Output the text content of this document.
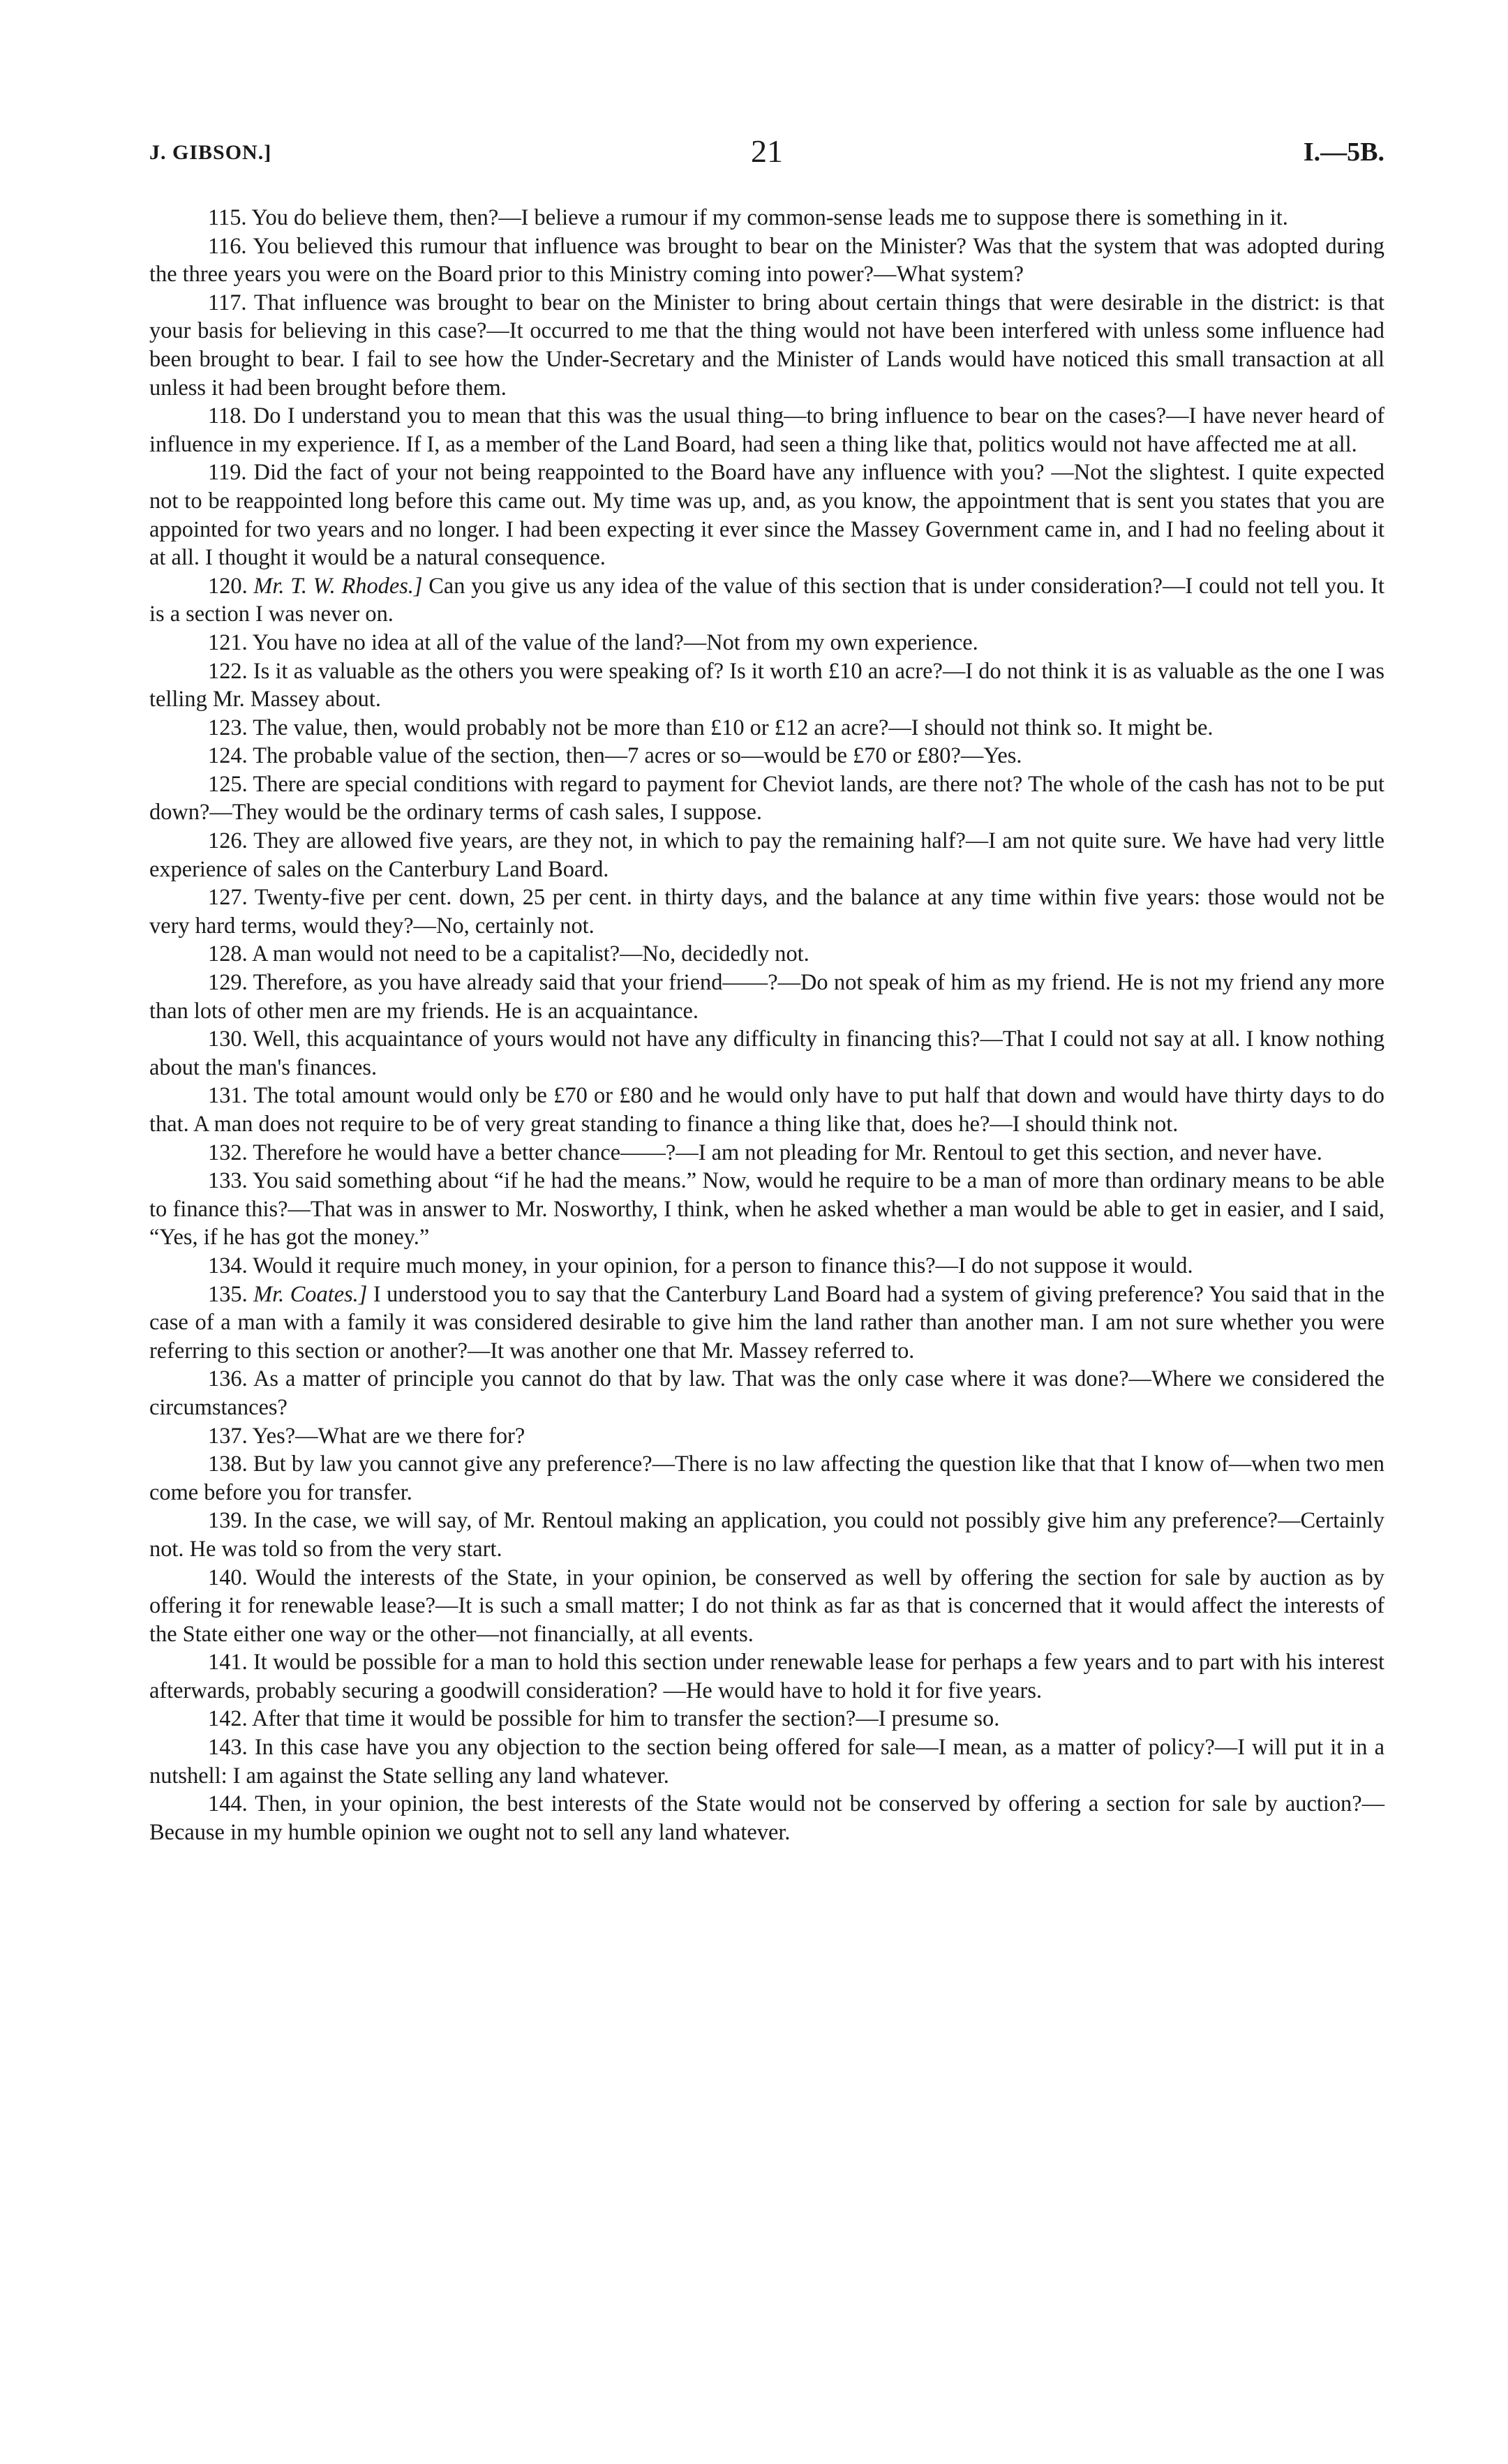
J. GIBSON.]	21	I.—5B.

115. You do believe them, then?—I believe a rumour if my common-sense leads me to suppose there is something in it.

116. You believed this rumour that influence was brought to bear on the Minister? Was that the system that was adopted during the three years you were on the Board prior to this Ministry coming into power?—What system?

117. That influence was brought to bear on the Minister to bring about certain things that were desirable in the district: is that your basis for believing in this case?—It occurred to me that the thing would not have been interfered with unless some influence had been brought to bear. I fail to see how the Under-Secretary and the Minister of Lands would have noticed this small transaction at all unless it had been brought before them.

118. Do I understand you to mean that this was the usual thing—to bring influence to bear on the cases?—I have never heard of influence in my experience. If I, as a member of the Land Board, had seen a thing like that, politics would not have affected me at all.

119. Did the fact of your not being reappointed to the Board have any influence with you? —Not the slightest. I quite expected not to be reappointed long before this came out. My time was up, and, as you know, the appointment that is sent you states that you are appointed for two years and no longer. I had been expecting it ever since the Massey Government came in, and I had no feeling about it at all. I thought it would be a natural consequence.

120. Mr. T. W. Rhodes.] Can you give us any idea of the value of this section that is under consideration?—I could not tell you. It is a section I was never on.

121. You have no idea at all of the value of the land?—Not from my own experience.

122. Is it as valuable as the others you were speaking of? Is it worth £10 an acre?—I do not think it is as valuable as the one I was telling Mr. Massey about.

123. The value, then, would probably not be more than £10 or £12 an acre?—I should not think so. It might be.

124. The probable value of the section, then—7 acres or so—would be £70 or £80?—Yes.

125. There are special conditions with regard to payment for Cheviot lands, are there not? The whole of the cash has not to be put down?—They would be the ordinary terms of cash sales, I suppose.

126. They are allowed five years, are they not, in which to pay the remaining half?—I am not quite sure. We have had very little experience of sales on the Canterbury Land Board.

127. Twenty-five per cent. down, 25 per cent. in thirty days, and the balance at any time within five years: those would not be very hard terms, would they?—No, certainly not.

128. A man would not need to be a capitalist?—No, decidedly not.

129. Therefore, as you have already said that your friend——?—Do not speak of him as my friend. He is not my friend any more than lots of other men are my friends. He is an acquaintance.

130. Well, this acquaintance of yours would not have any difficulty in financing this?—That I could not say at all. I know nothing about the man's finances.

131. The total amount would only be £70 or £80 and he would only have to put half that down and would have thirty days to do that. A man does not require to be of very great standing to finance a thing like that, does he?—I should think not.

132. Therefore he would have a better chance——?—I am not pleading for Mr. Rentoul to get this section, and never have.

133. You said something about “if he had the means.” Now, would he require to be a man of more than ordinary means to be able to finance this?—That was in answer to Mr. Nosworthy, I think, when he asked whether a man would be able to get in easier, and I said, “Yes, if he has got the money.”

134. Would it require much money, in your opinion, for a person to finance this?—I do not suppose it would.

135. Mr. Coates.] I understood you to say that the Canterbury Land Board had a system of giving preference? You said that in the case of a man with a family it was considered desirable to give him the land rather than another man. I am not sure whether you were referring to this section or another?—It was another one that Mr. Massey referred to.

136. As a matter of principle you cannot do that by law. That was the only case where it was done?—Where we considered the circumstances?

137. Yes?—What are we there for?

138. But by law you cannot give any preference?—There is no law affecting the question like that that I know of—when two men come before you for transfer.

139. In the case, we will say, of Mr. Rentoul making an application, you could not possibly give him any preference?—Certainly not. He was told so from the very start.

140. Would the interests of the State, in your opinion, be conserved as well by offering the section for sale by auction as by offering it for renewable lease?—It is such a small matter; I do not think as far as that is concerned that it would affect the interests of the State either one way or the other—not financially, at all events.

141. It would be possible for a man to hold this section under renewable lease for perhaps a few years and to part with his interest afterwards, probably securing a goodwill consideration? —He would have to hold it for five years.

142. After that time it would be possible for him to transfer the section?—I presume so.

143. In this case have you any objection to the section being offered for sale—I mean, as a matter of policy?—I will put it in a nutshell: I am against the State selling any land whatever.

144. Then, in your opinion, the best interests of the State would not be conserved by offering a section for sale by auction?—Because in my humble opinion we ought not to sell any land whatever.
